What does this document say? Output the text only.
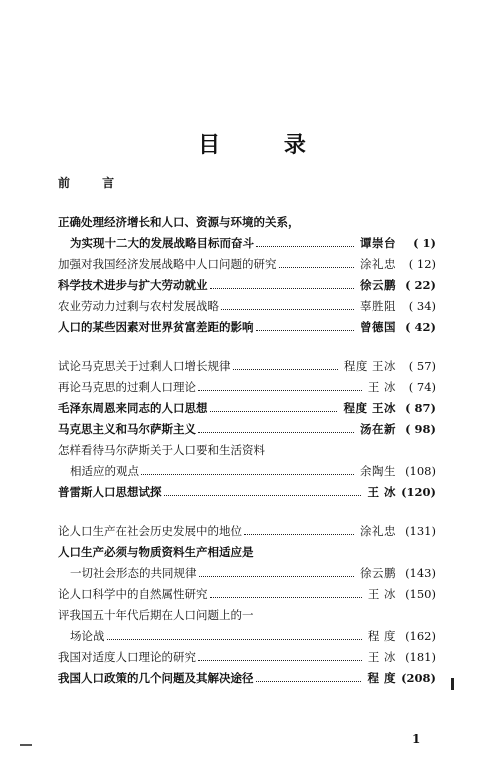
目 录
前 言
正确处理经济增长和人口、资源与环境的关系，
为实现十二大的发展战略目标而奋斗	谭崇台	( 1)
加强对我国经济发展战略中人口问题的研究	涂礼忠	( 12)
科学技术进步与扩大劳动就业	徐云鹏 ( 22)
农业劳动力过剩与农村发展战略	辜胜阻	( 34)
人口的某些因素对世界贫富差距的影响	曾德国 ( 42)
试论马克思关于过剩人口增长规律	程度 王冰	( 57)
再论马克思的过剩人口理论	王 冰	( 74)
毛泽东周恩来同志的人口思想	程度 王冰 ( 87)
马克思主义和马尔萨斯主义	汤在新 ( 98)
怎样看待马尔萨斯关于人口要和生活资料
相适应的观点	余陶生 (108)
普雷斯人口思想试探	王 冰 (120)
论人口生产在社会历史发展中的地位	涂礼忠 (131)
人口生产必须与物质资料生产相适应是
一切社会形态的共同规律	徐云鹏 (143)
论人口科学中的自然属性研究	王 冰 (150)
评我国五十年代后期在人口问题上的一
场论战	程 度 (162)
我国对适度人口理论的研究	王 冰 (181)
我国人口政策的几个问题及其解决途径	程 度 (208)
1
